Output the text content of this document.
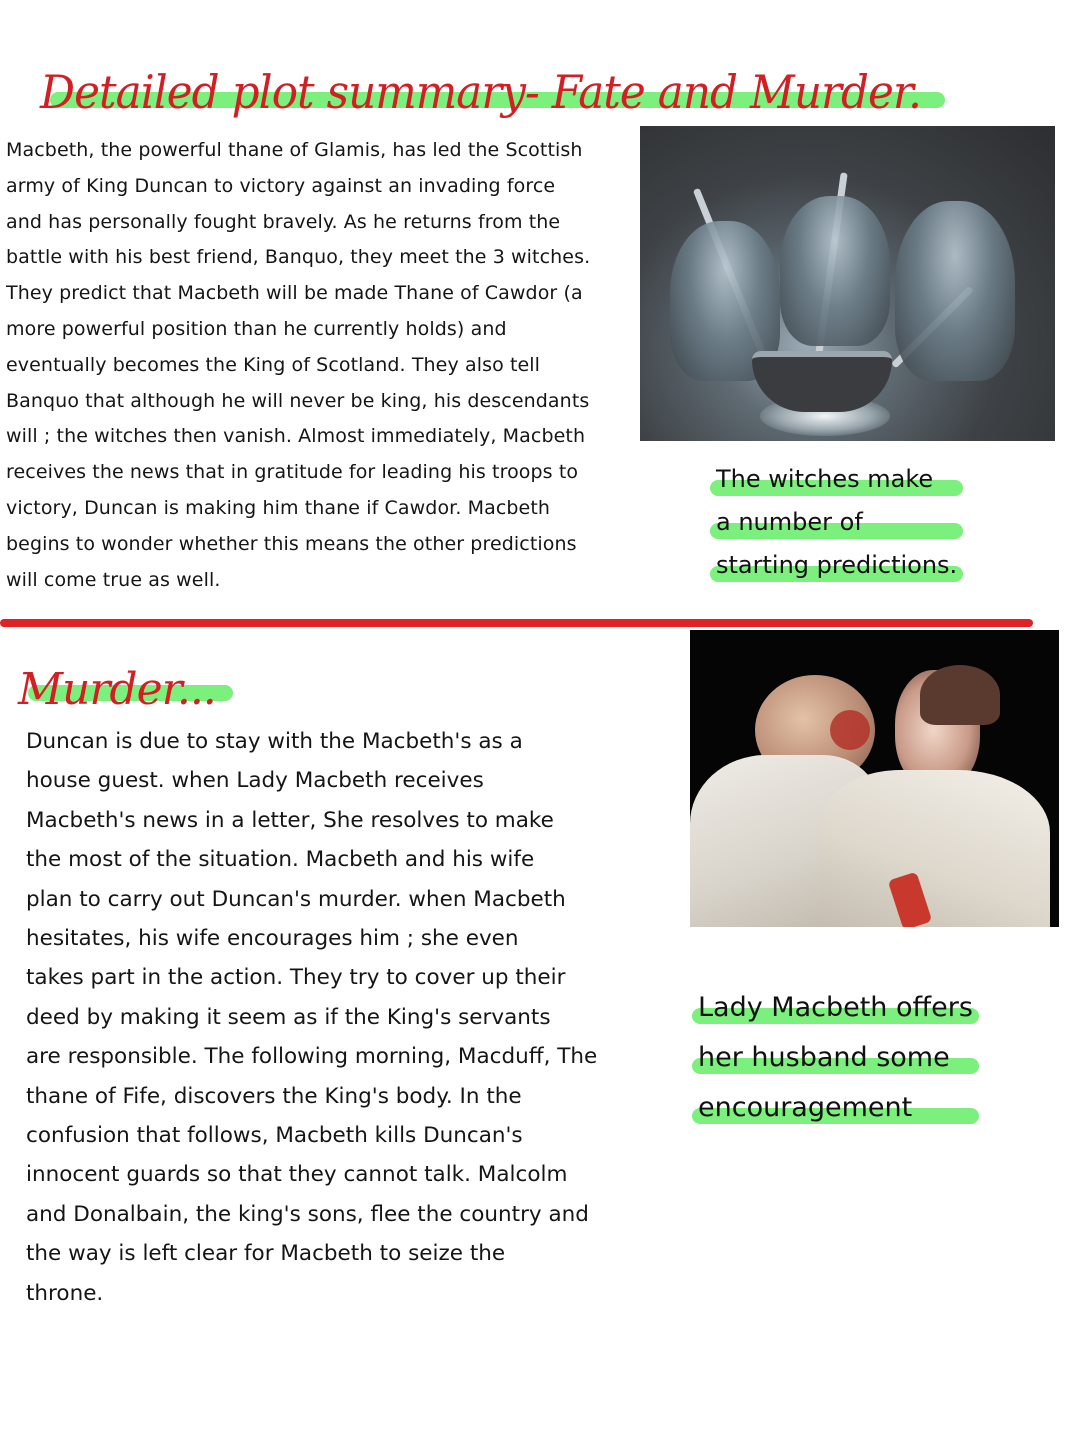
Detailed plot summary- Fate and Murder.
Macbeth, the powerful thane of Glamis, has led the Scottish
army of King Duncan to victory against an invading force
and has personally fought bravely. As he returns from the
battle with his best friend, Banquo, they meet the 3 witches.
They predict that Macbeth will be made Thane of Cawdor (a
more powerful position than he currently holds) and
eventually becomes the King of Scotland. They also tell
Banquo that although he will never be king, his descendants
will ; the witches then vanish. Almost immediately, Macbeth
receives the news that in gratitude for leading his troops to
victory, Duncan is making him thane if Cawdor. Macbeth
begins to wonder whether this means the other predictions
will come true as well.
The witches make
a number of
starting predictions.
Murder...
Duncan is due to stay with the Macbeth's as a
house guest. when Lady Macbeth receives
Macbeth's news in a letter, She resolves to make
the most of the situation. Macbeth and his wife
plan to carry out Duncan's murder. when Macbeth
hesitates, his wife encourages him ; she even
takes part in the action. They try to cover up their
deed by making it seem as if the King's servants
are responsible. The following morning, Macduff, The
thane of Fife, discovers the King's body. In the
confusion that follows, Macbeth kills Duncan's
innocent guards so that they cannot talk. Malcolm
and Donalbain, the king's sons, flee the country and
the way is left clear for Macbeth to seize the
throne.
Lady Macbeth offers
her husband some
encouragement
